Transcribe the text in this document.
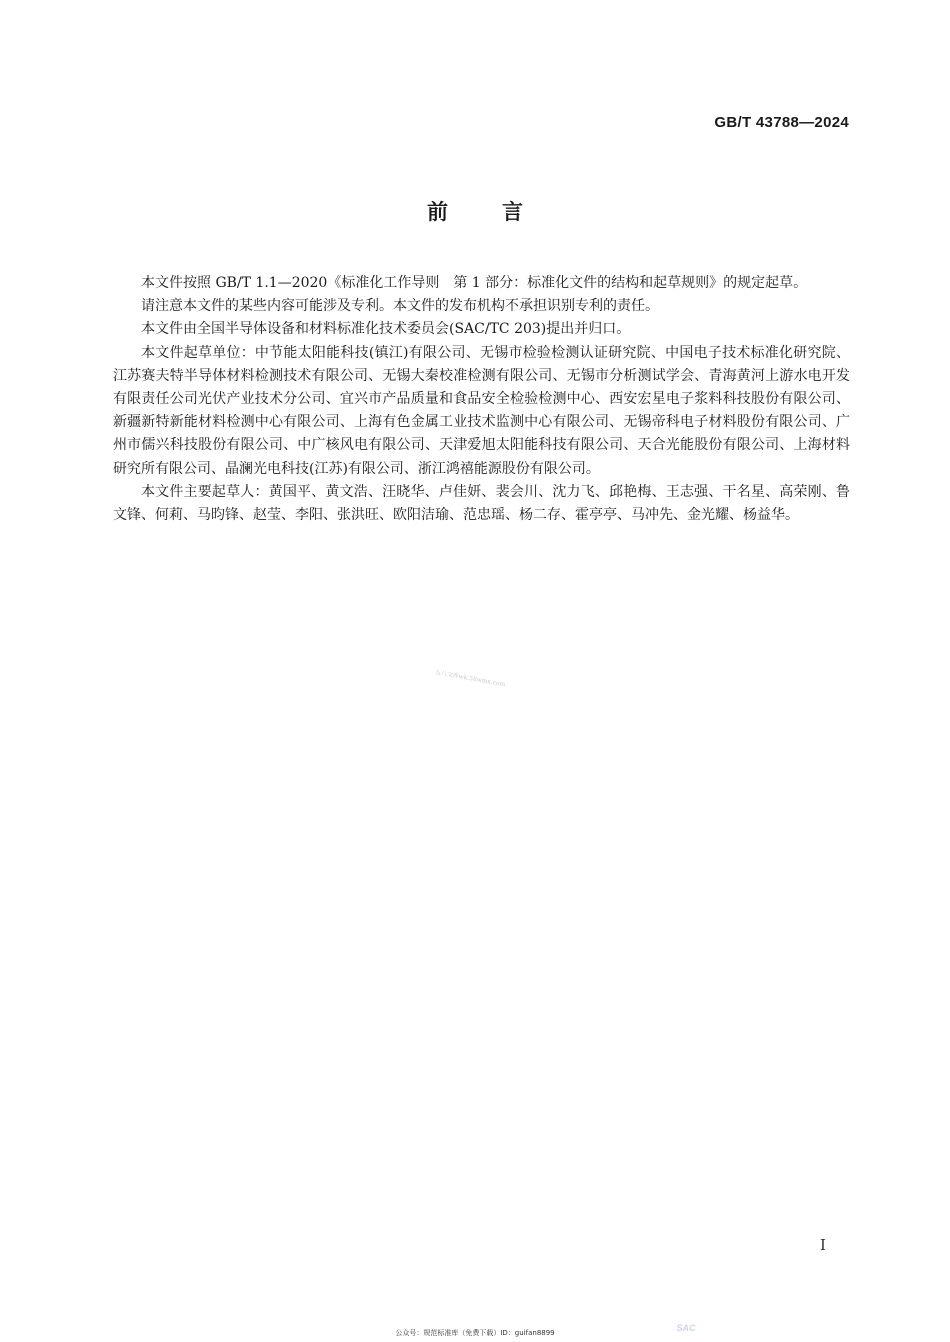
GB/T 43788—2024
前言

本文件按照 GB/T 1.1—2020《标准化工作导则　第 1 部分：标准化文件的结构和起草规则》的规定起草。

请注意本文件的某些内容可能涉及专利。本文件的发布机构不承担识别专利的责任。

本文件由全国半导体设备和材料标准化技术委员会(SAC/TC 203)提出并归口。

本文件起草单位：中节能太阳能科技(镇江)有限公司、无锡市检验检测认证研究院、中国电子技术标准化研究院、江苏赛夫特半导体材料检测技术有限公司、无锡大秦校准检测有限公司、无锡市分析测试学会、青海黄河上游水电开发有限责任公司光伏产业技术分公司、宜兴市产品质量和食品安全检验检测中心、西安宏星电子浆料科技股份有限公司、新疆新特新能材料检测中心有限公司、上海有色金属工业技术监测中心有限公司、无锡帝科电子材料股份有限公司、广州市儒兴科技股份有限公司、中广核风电有限公司、天津爱旭太阳能科技有限公司、天合光能股份有限公司、上海材料研究所有限公司、晶澜光电科技(江苏)有限公司、浙江鸿禧能源股份有限公司。

本文件主要起草人：黄国平、黄文浩、汪晓华、卢佳妍、裴会川、沈力飞、邱艳梅、王志强、干名星、高荣刚、鲁文锋、何莉、马昀锋、赵莹、李阳、张洪旺、欧阳洁瑜、范忠瑶、杨二存、霍亭亭、马冲先、金光耀、杨益华。

五八文库wk.58wmx.com
I
SAC
公众号：规范标准库（免费下载）ID：guifan8899
